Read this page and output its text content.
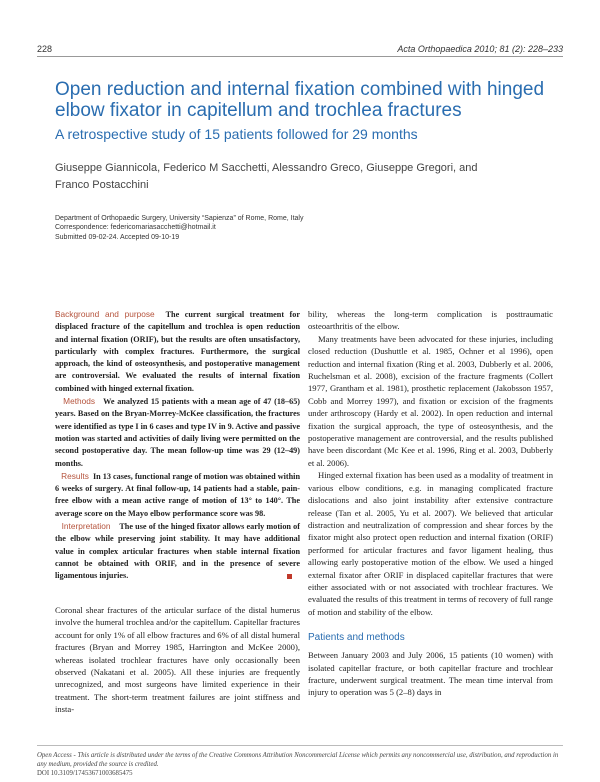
228	Acta Orthopaedica 2010; 81 (2): 228–233
Open reduction and internal fixation combined with hinged elbow fixator in capitellum and trochlea fractures
A retrospective study of 15 patients followed for 29 months
Giuseppe Giannicola, Federico M Sacchetti, Alessandro Greco, Giuseppe Gregori, and Franco Postacchini
Department of Orthopaedic Surgery, University “Sapienza” of Rome, Rome, Italy
Correspondence: federicomariasacchetti@hotmail.it
Submitted 09-02-24. Accepted 09-10-19

Background and purpose The current surgical treatment for displaced fracture of the capitellum and trochlea is open reduction and internal fixation (ORIF), but the results are often unsatisfactory, particularly with complex fractures. Furthermore, the surgical approach, the kind of osteosynthesis, and postoperative management are controversial. We evaluated the results of internal fixation combined with hinged external fixation.

Methods We analyzed 15 patients with a mean age of 47 (18–65) years. Based on the Bryan-Morrey-McKee classification, the fractures were identified as type I in 6 cases and type IV in 9. Active and passive motion was started and activities of daily living were permitted on the second postoperative day. The mean follow-up time was 29 (12–49) months.

Results In 13 cases, functional range of motion was obtained within 6 weeks of surgery. At final follow-up, 14 patients had a stable, pain-free elbow with a mean active range of motion of 13° to 140°. The average score on the Mayo elbow performance score was 98.

Interpretation The use of the hinged fixator allows early motion of the elbow while preserving joint stability. It may have additional value in complex articular fractures when stable internal fixation cannot be obtained with ORIF, and in the presence of severe ligamentous injuries.

Coronal shear fractures of the articular surface of the distal humerus involve the humeral trochlea and/or the capitellum. Capitellar fractures account for only 1% of all elbow fractures and 6% of all distal humeral fractures (Bryan and Morrey 1985, Harrington and McKee 2000), whereas isolated trochlear fractures have only occasionally been observed (Nakatani et al. 2005). All these injuries are frequently unrecognized, and most surgeons have limited experience in their treatment. The short-term treatment failures are joint stiffness and insta-

bility, whereas the long-term complication is posttraumatic osteoarthritis of the elbow.

Many treatments have been advocated for these injuries, including closed reduction (Dushuttle et al. 1985, Ochner et al 1996), open reduction and internal fixation (Ring et al. 2003, Dubberly et al. 2006, Ruchelsman et al. 2008), excision of the fracture fragments (Collert 1977, Grantham et al. 1981), prosthetic replacement (Jakobsson 1957, Cobb and Morrey 1997), and fixation or excision of the fragments under arthroscopy (Hardy et al. 2002). In open reduction and internal fixation the surgical approach, the type of osteosynthesis, and the postoperative management are controversial, and the results published have been discordant (Mc Kee et al. 1996, Ring et al. 2003, Dubberly et al. 2006).

Hinged external fixation has been used as a modality of treatment in various elbow conditions, e.g. in managing complicated fracture dislocations and also joint instability after extensive contracture release (Tan et al. 2005, Yu et al. 2007). We believed that articular distraction and neutralization of compression and shear forces by the fixator might also protect open reduction and internal fixation (ORIF) performed for articular fractures and favor ligament healing, thus allowing early postoperative motion of the elbow. We used a hinged external fixator after ORIF in displaced capitellar fractures that were either associated with or not associated with trochlear fractures. We evaluated the results of this treatment in terms of recovery of full range of motion and stability of the elbow.

Patients and methods

Between January 2003 and July 2006, 15 patients (10 women) with isolated capitellar fracture, or both capitellar fracture and trochlear fracture, underwent surgical treatment. The mean time interval from injury to operation was 5 (2–8) days in

Open Access - This article is distributed under the terms of the Creative Commons Attribution Noncommercial License which permits any noncommercial use, distribution, and reproduction in any medium, provided the source is credited.
DOI 10.3109/17453671003685475
